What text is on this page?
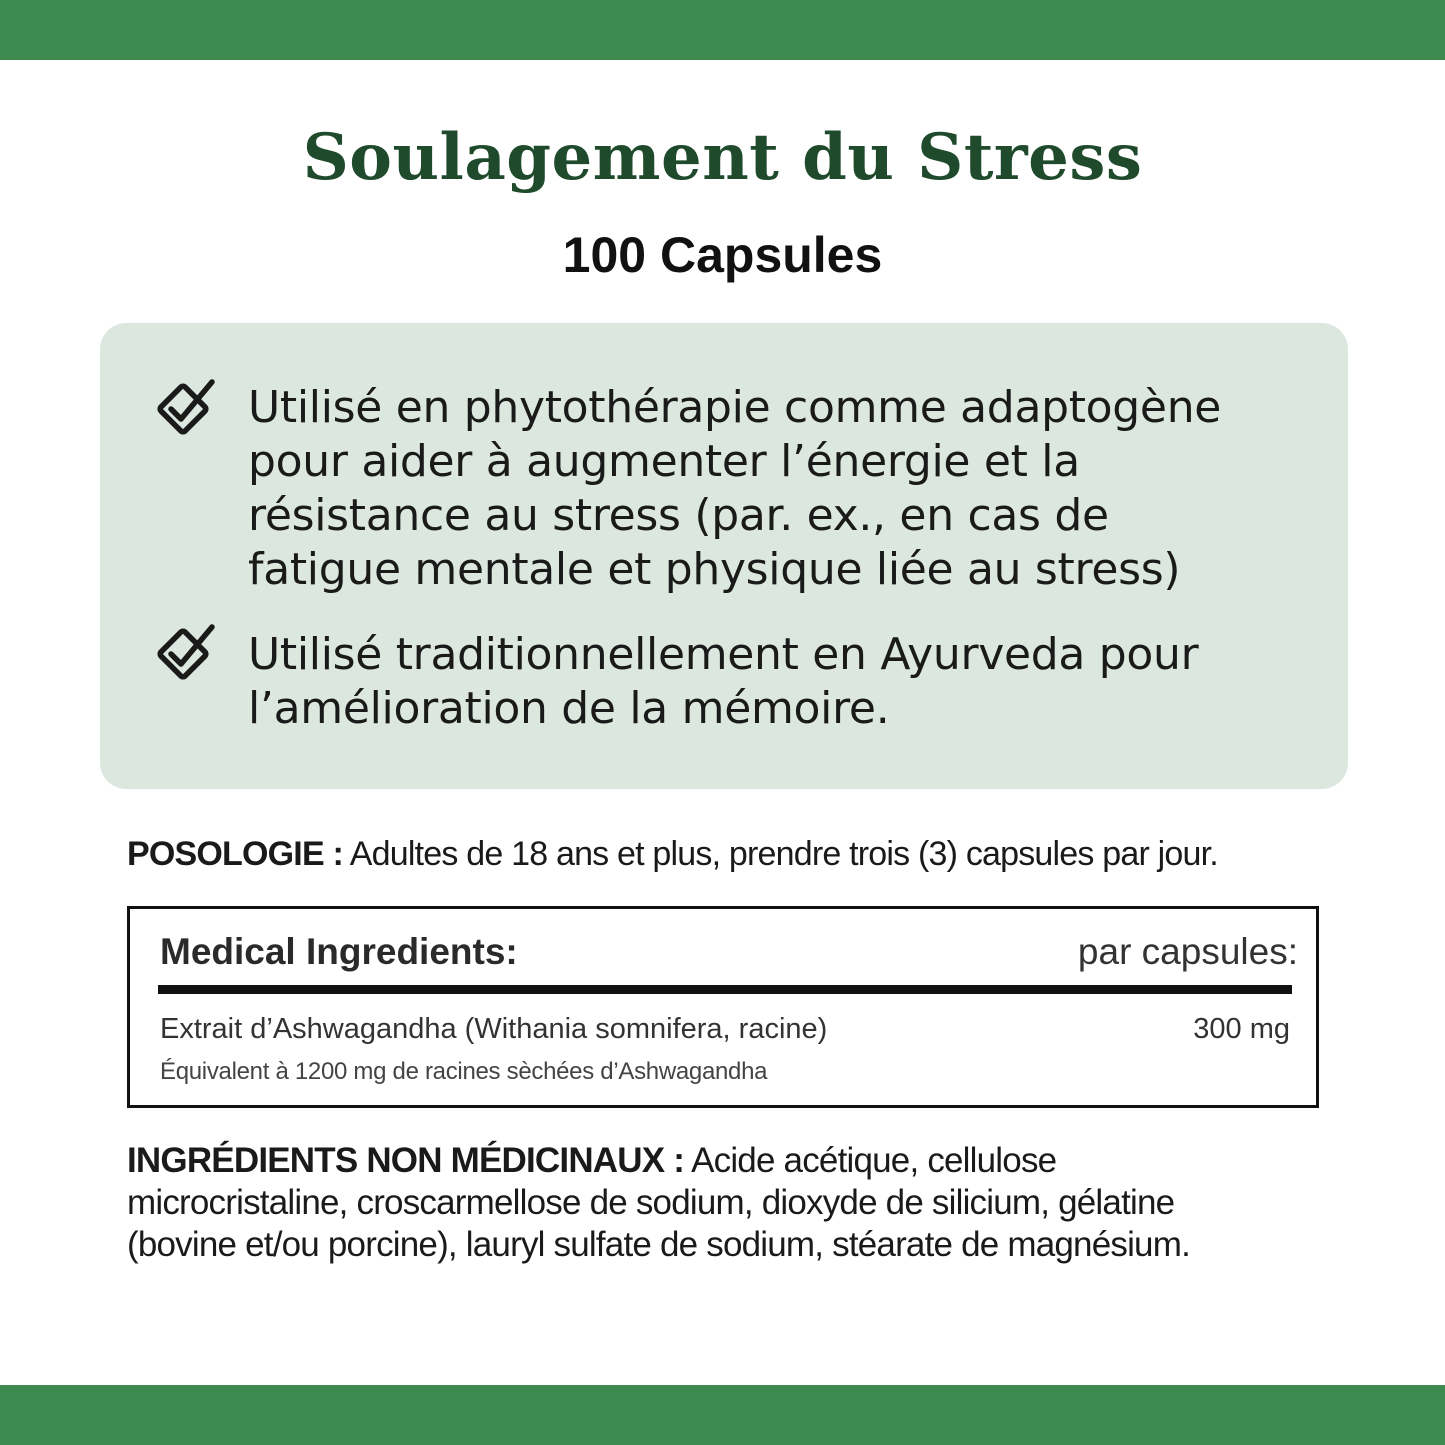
Soulagement du Stress
100 Capsules
Utilisé en phytothérapie comme adaptogène
pour aider à augmenter l’énergie et la
résistance au stress (par. ex., en cas de
fatigue mentale et physique liée au stress)
Utilisé traditionnellement en Ayurveda pour
l’amélioration de la mémoire.
POSOLOGIE : Adultes de 18 ans et plus, prendre trois (3) capsules par jour.
Medical Ingredients:	par capsules:
Extrait d’Ashwagandha (Withania somnifera, racine)	300 mg
Équivalent à 1200 mg de racines sèchées d’Ashwagandha
INGRÉDIENTS NON MÉDICINAUX : Acide acétique, cellulose
microcristaline, croscarmellose de sodium, dioxyde de silicium, gélatine
(bovine et/ou porcine), lauryl sulfate de sodium, stéarate de magnésium.
